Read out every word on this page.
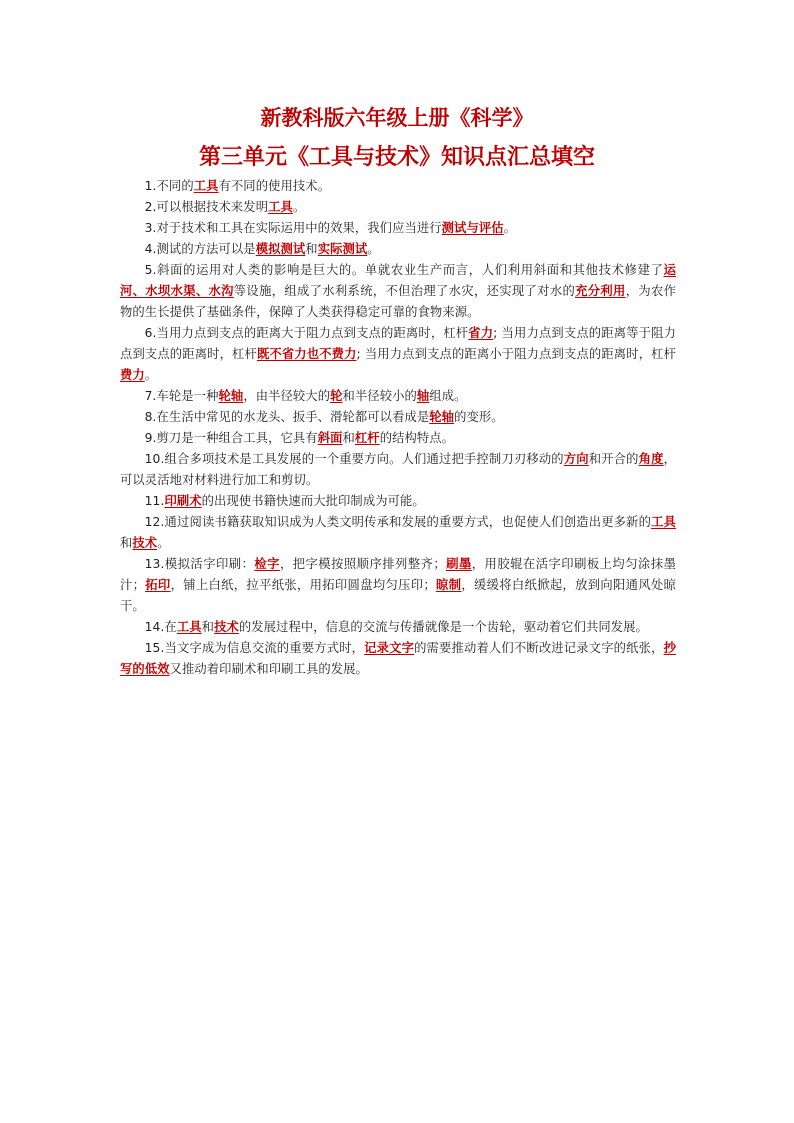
新教科版六年级上册《科学》
第三单元《工具与技术》知识点汇总填空

1.不同的工具有不同的使用技术。

2.可以根据技术来发明工具。

3.对于技术和工具在实际运用中的效果，我们应当进行测试与评估。

4.测试的方法可以是模拟测试和实际测试。

5.斜面的运用对人类的影响是巨大的。单就农业生产而言，人们利用斜面和其他技术修建了运河、水坝水渠、水沟等设施，组成了水利系统，不但治理了水灾，还实现了对水的充分利用，为农作物的生长提供了基础条件，保障了人类获得稳定可靠的食物来源。

6.当用力点到支点的距离大于阻力点到支点的距离时，杠杆省力; 当用力点到支点的距离等于阻力点到支点的距离时，杠杆既不省力也不费力; 当用力点到支点的距离小于阻力点到支点的距离时，杠杆费力。

7.车轮是一种轮轴，由半径较大的轮和半径较小的轴组成。

8.在生活中常见的水龙头、扳手、滑轮都可以看成是轮轴的变形。

9.剪刀是一种组合工具，它具有斜面和杠杆的结构特点。

10.组合多项技术是工具发展的一个重要方向。人们通过把手控制刀刃移动的方向和开合的角度，可以灵活地对材料进行加工和剪切。

11.印刷术的出现使书籍快速而大批印制成为可能。

12.通过阅读书籍获取知识成为人类文明传承和发展的重要方式，也促使人们创造出更多新的工具和技术。

13.模拟活字印刷：检字，把字模按照顺序排列整齐；刷墨，用胶辊在活字印刷板上均匀涂抹墨汁；拓印，铺上白纸，拉平纸张，用拓印圆盘均匀压印；晾制，缓缓将白纸掀起，放到向阳通风处晾干。

14.在工具和技术的发展过程中，信息的交流与传播就像是一个齿轮，驱动着它们共同发展。

15.当文字成为信息交流的重要方式时，记录文字的需要推动着人们不断改进记录文字的纸张，抄写的低效又推动着印刷术和印刷工具的发展。
